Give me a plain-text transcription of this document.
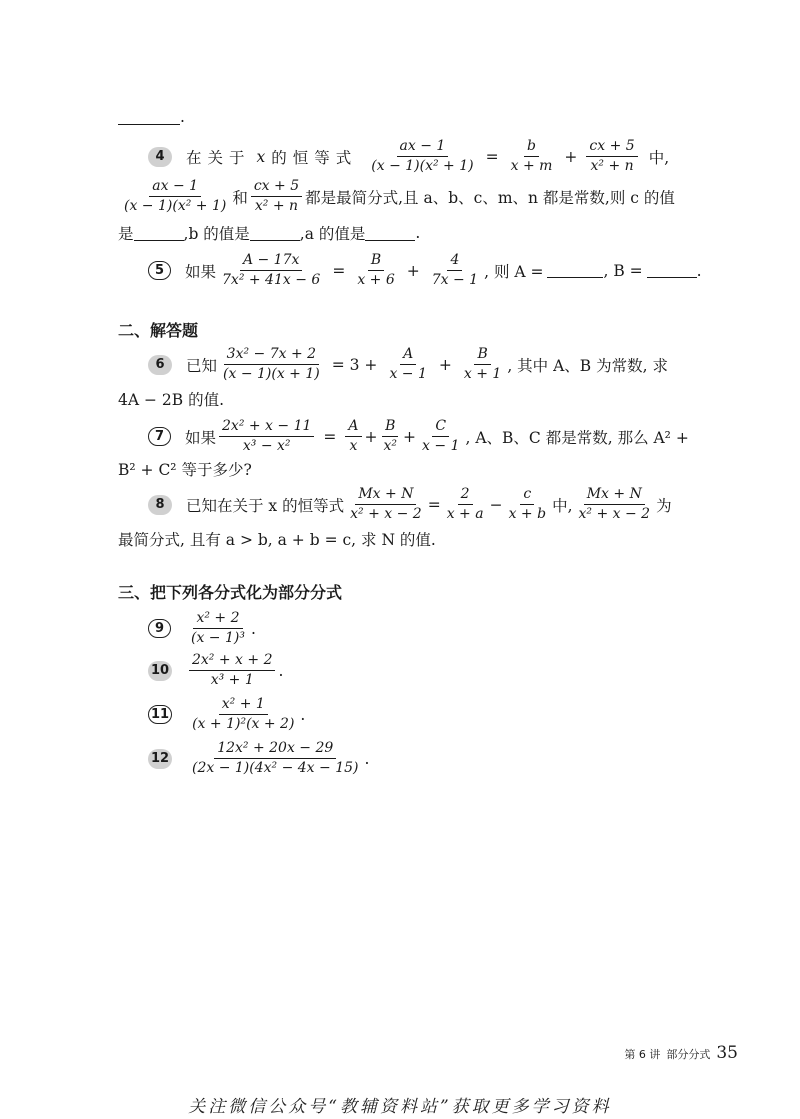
.
4	在关于 x 的恒等式 $\frac{ax - 1}{\text{(x − 1)(x² + 1)}} = \frac{b}{x + m} + \frac{cx + 5}{\text{x² + n}}$ 中,
$\frac{ax - 1}{\text{(x − 1)(x² + 1)}}$ 和 $\frac{cx + 5}{\text{x² + n}}$ 都是最简分式,且 a、b、c、m、n 都是常数,则 c 的值
是	,b 的值是	,a 的值是	.
5	如果 $\frac{A - 17x}{\text{7x² + 41x − 6}} = \frac{B}{x + 6} + \frac{4}{7x - 1}$ , 则 A =	, B =	.
二、解答题
6	已知 $\frac{\text{3x² − 7x + 2}}{(x - 1)(x + 1)} = 3 + \frac{A}{x - 1} + \frac{B}{x + 1}$ , 其中 A、B 为常数, 求
4A − 2B 的值.
7	如果 $\frac{\text{2x² + x − 11}}{\text{x³ − x²}} = \frac{A}{x} + \frac{B}{\text{x²}} + \frac{C}{x - 1}$ , A、B、C 都是常数, 那么 A² +
B² + C² 等于多少?
8	已知在关于 x 的恒等式 $\frac{Mx + N}{\text{x² + x − 2}} = \frac{2}{x + a} - \frac{c}{x + b}$ 中, $\frac{Mx + N}{\text{x² + x − 2}}$ 为
最简分式, 且有 a > b, a + b = c, 求 N 的值.
三、把下列各分式化为部分分式
9	$\frac{\text{x² + 2}}{\text{(x − 1)³}}$ .
$10 \frac{\text{2x² + x + 2}}{\text{x³ + 1}}$ .
$11 \frac{\text{x² + 1}}{\text{(x + 1)²(x + 2)}}$ .
$12 \frac{\text{12x² + 20x − 29}}{\text{(2x − 1)(4x² − 4x − 15)}}$ .
第 6 讲 部分分式 35
关注微信公众号“教辅资料站”获取更多学习资料
